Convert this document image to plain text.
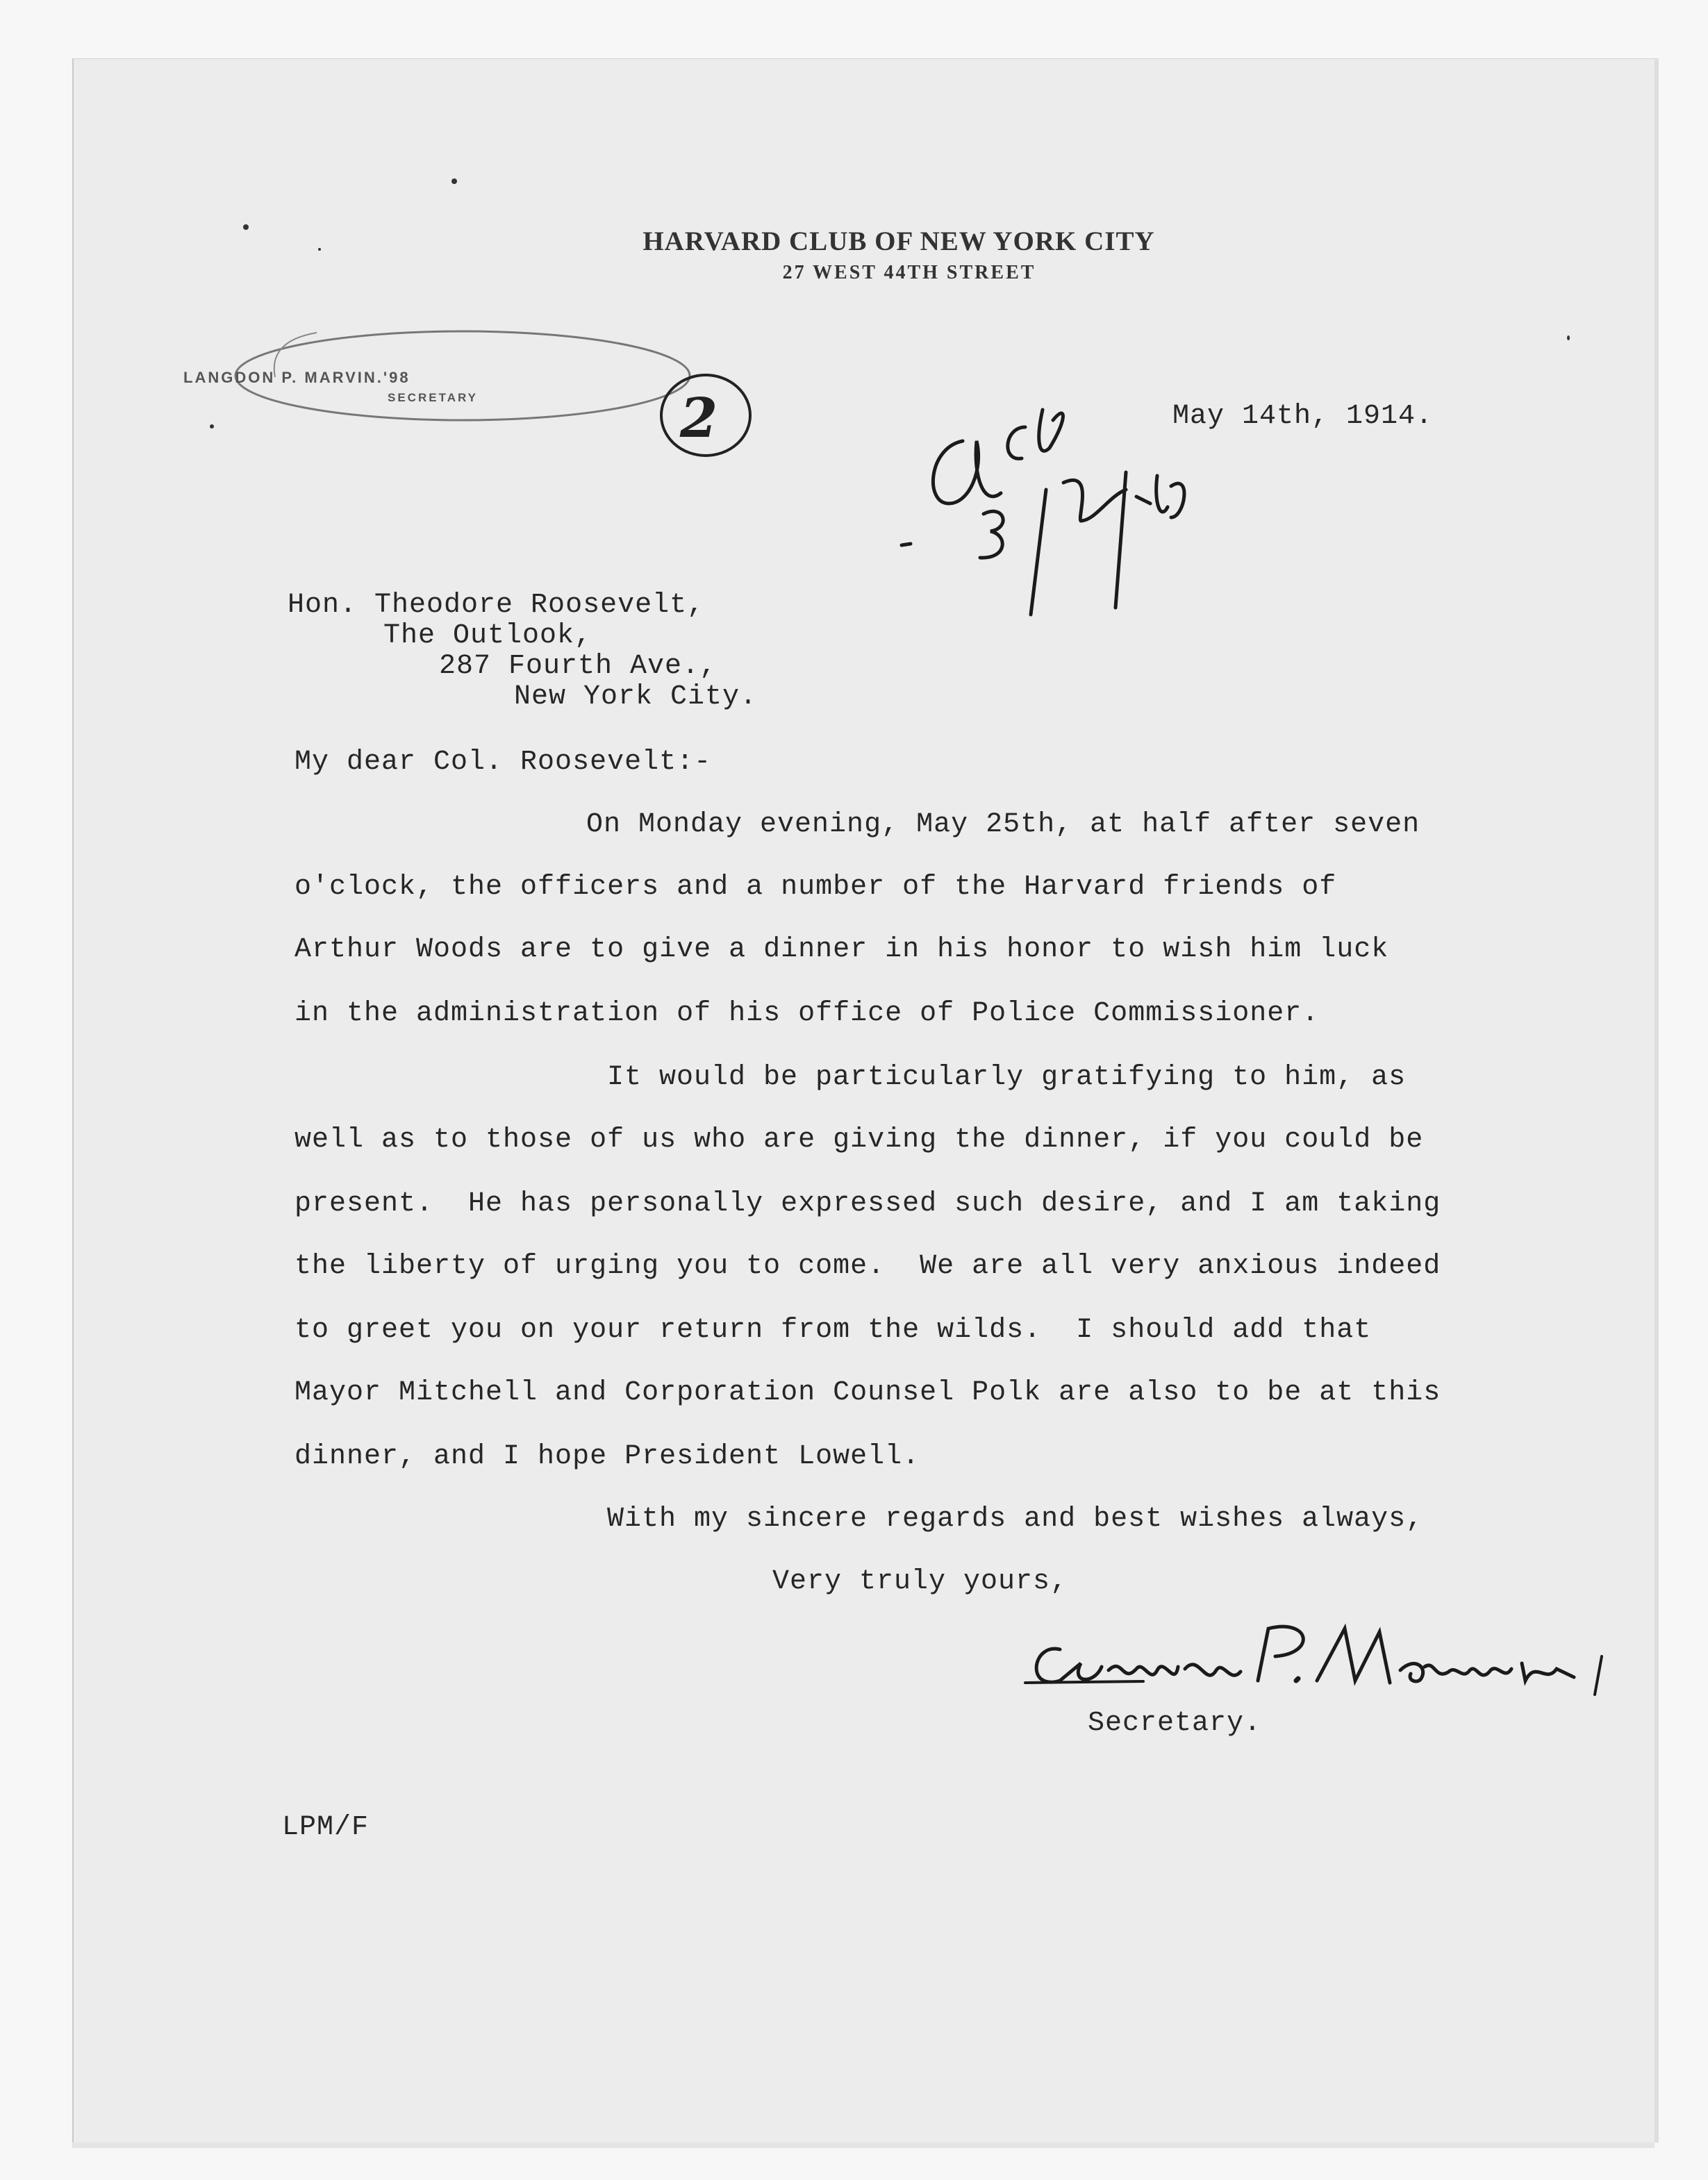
HARVARD CLUB OF NEW YORK CITY

27 WEST 44TH STREET

LANGDON P. MARVIN.'98

SECRETARY	2	May 14th, 1914.

Hon. Theodore Roosevelt,

The Outlook,

287 Fourth Ave.,

New York City.

My dear Col. Roosevelt:-

On Monday evening, May 25th, at half after seven

o'clock, the officers and a number of the Harvard friends of

Arthur Woods are to give a dinner in his honor to wish him luck

in the administration of his office of Police Commissioner.

It would be particularly gratifying to him, as

well as to those of us who are giving the dinner, if you could be

present.  He has personally expressed such desire, and I am taking

the liberty of urging you to come.  We are all very anxious indeed

to greet you on your return from the wilds.  I should add that

Mayor Mitchell and Corporation Counsel Polk are also to be at this

dinner, and I hope President Lowell.

With my sincere regards and best wishes always,

Very truly yours,

Secretary.

LPM/F
